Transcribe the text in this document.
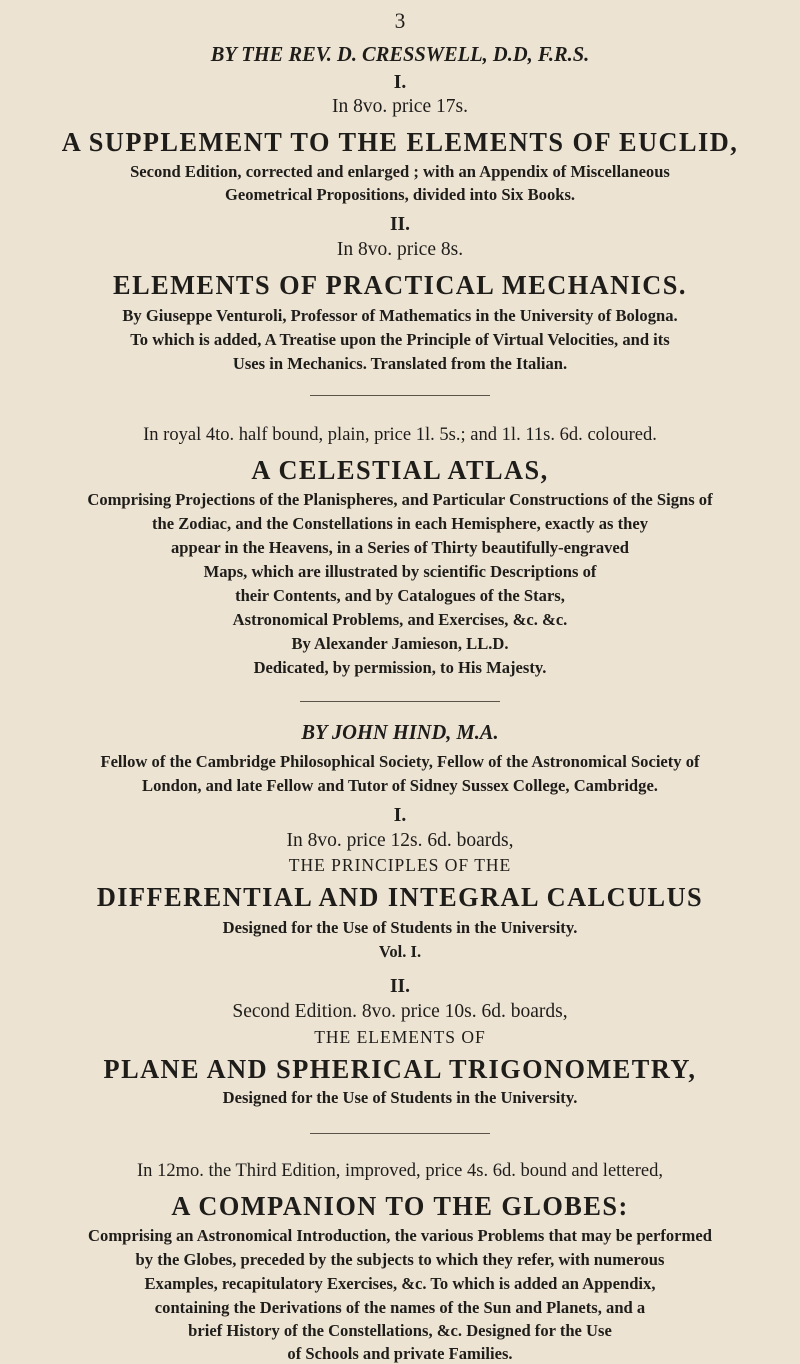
3
BY THE REV. D. CRESSWELL, D.D, F.R.S.
I.
In 8vo. price 17s.
A SUPPLEMENT TO THE ELEMENTS OF EUCLID,
Second Edition, corrected and enlarged ; with an Appendix of Miscellaneous
Geometrical Propositions, divided into Six Books.
II.
In 8vo. price 8s.
ELEMENTS OF PRACTICAL MECHANICS.
By Giuseppe Venturoli, Professor of Mathematics in the University of Bologna.
To which is added, A Treatise upon the Principle of Virtual Velocities, and its
Uses in Mechanics. Translated from the Italian.
In royal 4to. half bound, plain, price 1l. 5s.; and 1l. 11s. 6d. coloured.
A CELESTIAL ATLAS,
Comprising Projections of the Planispheres, and Particular Constructions of the Signs of
the Zodiac, and the Constellations in each Hemisphere, exactly as they
appear in the Heavens, in a Series of Thirty beautifully-engraved
Maps, which are illustrated by scientific Descriptions of
their Contents, and by Catalogues of the Stars,
Astronomical Problems, and Exercises, &c. &c.
By Alexander Jamieson, LL.D.
Dedicated, by permission, to His Majesty.
BY JOHN HIND, M.A.
Fellow of the Cambridge Philosophical Society, Fellow of the Astronomical Society of
London, and late Fellow and Tutor of Sidney Sussex College, Cambridge.
I.
In 8vo. price 12s. 6d. boards,
THE PRINCIPLES OF THE
DIFFERENTIAL AND INTEGRAL CALCULUS
Designed for the Use of Students in the University.
Vol. I.
II.
Second Edition. 8vo. price 10s. 6d. boards,
THE ELEMENTS OF
PLANE AND SPHERICAL TRIGONOMETRY,
Designed for the Use of Students in the University.
In 12mo. the Third Edition, improved, price 4s. 6d. bound and lettered,
A COMPANION TO THE GLOBES:
Comprising an Astronomical Introduction, the various Problems that may be performed
by the Globes, preceded by the subjects to which they refer, with numerous
Examples, recapitulatory Exercises, &c. To which is added an Appendix,
containing the Derivations of the names of the Sun and Planets, and a
brief History of the Constellations, &c. Designed for the Use
of Schools and private Families.
